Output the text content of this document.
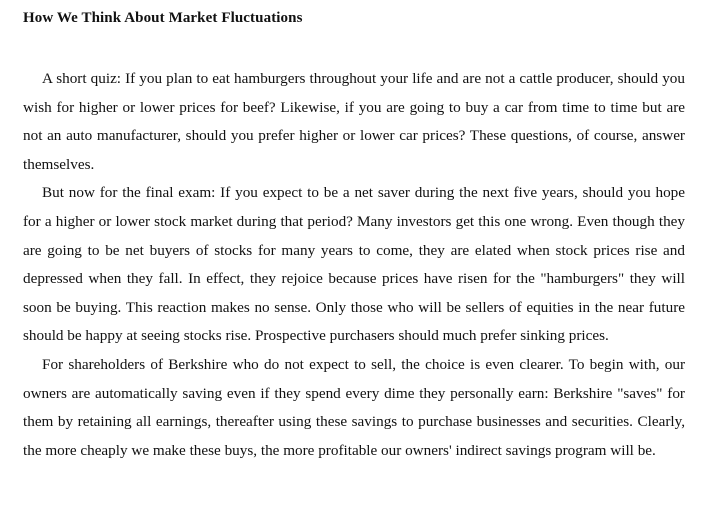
How We Think About Market Fluctuations

A short quiz: If you plan to eat hamburgers throughout your life and are not a cattle producer, should you wish for higher or lower prices for beef? Likewise, if you are going to buy a car from time to time but are not an auto manufacturer, should you prefer higher or lower car prices? These questions, of course, answer themselves.

But now for the final exam: If you expect to be a net saver during the next five years, should you hope for a higher or lower stock market during that period? Many investors get this one wrong. Even though they are going to be net buyers of stocks for many years to come, they are elated when stock prices rise and depressed when they fall. In effect, they rejoice because prices have risen for the "hamburgers" they will soon be buying. This reaction makes no sense. Only those who will be sellers of equities in the near future should be happy at seeing stocks rise. Prospective purchasers should much prefer sinking prices.

For shareholders of Berkshire who do not expect to sell, the choice is even clearer. To begin with, our owners are automatically saving even if they spend every dime they personally earn: Berkshire "saves" for them by retaining all earnings, thereafter using these savings to purchase businesses and securities. Clearly, the more cheaply we make these buys, the more profitable our owners' indirect savings program will be.
